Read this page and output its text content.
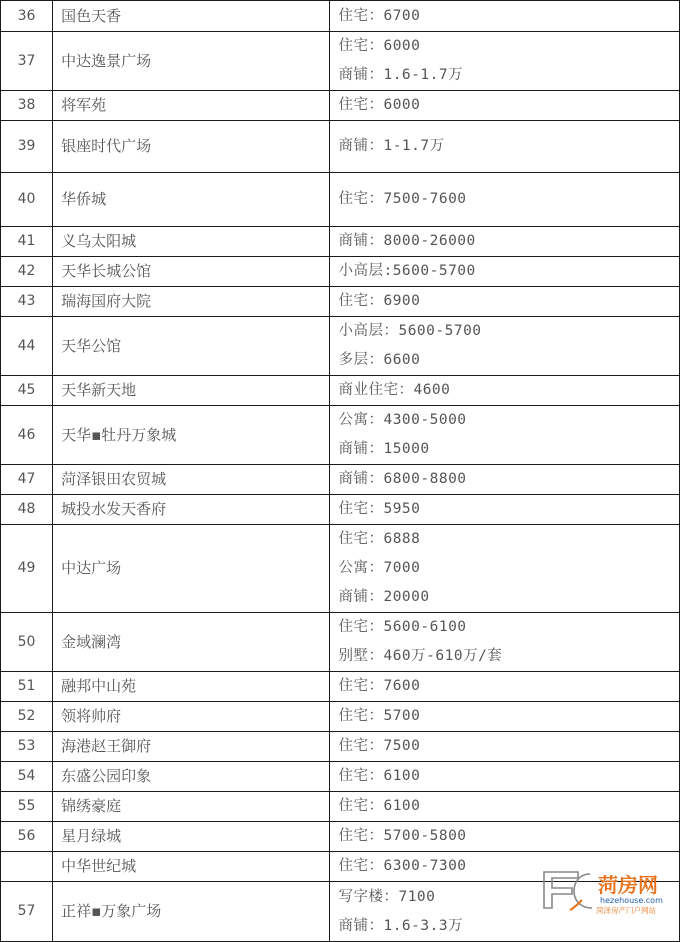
36	国色天香	住宅：6700

37	中达逸景广场	住宅：6000
商铺：1.6-1.7万

38	将军苑	住宅：6000

39	银座时代广场	商铺：1-1.7万

40	华侨城	住宅：7500-7600

41	义乌太阳城	商铺：8000-26000

42	天华长城公馆	小高层:5600-5700

43	瑞海国府大院	住宅：6900

44	天华公馆	小高层：5600-5700
多层：6600

45	天华新天地	商业住宅：4600

46	天华▪牡丹万象城	公寓：4300-5000
商铺：15000

47	菏泽银田农贸城	商铺：6800-8800

48	城投水发天香府	住宅：5950

49	中达广场	住宅：6888
公寓：7000
商铺：20000

50	金域澜湾	住宅：5600-6100
别墅：460万-610万/套

51	融邦中山苑	住宅：7600

52	领将帅府	住宅：5700

53	海港赵王御府	住宅：7500

54	东盛公园印象	住宅：6100

55	锦绣豪庭	住宅：6100

56	星月绿城	住宅：5700-5800

	中华世纪城	住宅：6300-7300

57	正祥▪万象广场	写字楼：7100
商铺：1.6-3.3万
菏房网
hezehouse.com
菏泽房产门户网站
